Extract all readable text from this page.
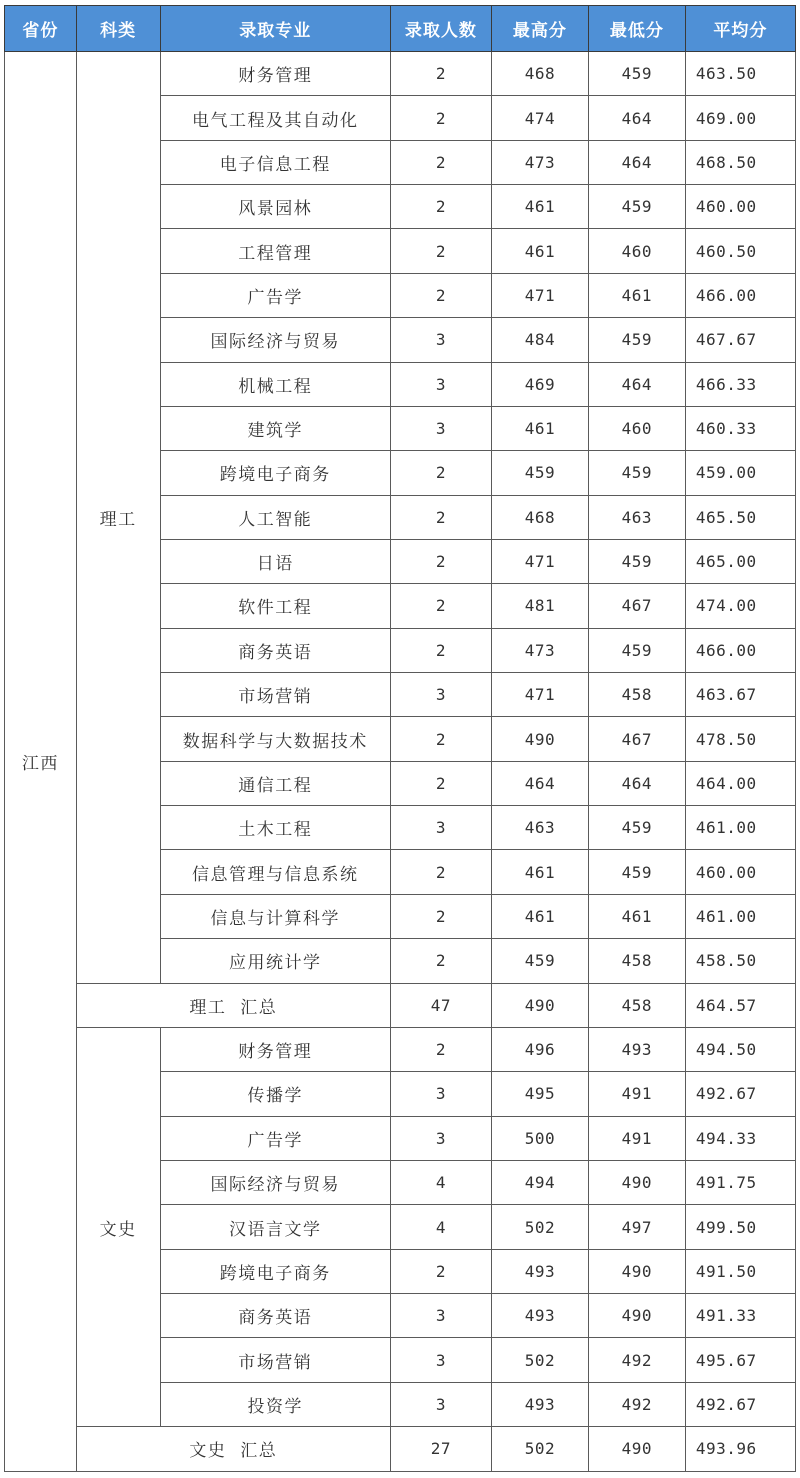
省份	科类	录取专业	录取人数	最高分	最低分	平均分
江西	理工	财务管理	2	468	459	463.50
		电气工程及其自动化	2	474	464	469.00
		电子信息工程	2	473	464	468.50
		风景园林	2	461	459	460.00
		工程管理	2	461	460	460.50
		广告学	2	471	461	466.00
		国际经济与贸易	3	484	459	467.67
		机械工程	3	469	464	466.33
		建筑学	3	461	460	460.33
		跨境电子商务	2	459	459	459.00
		人工智能	2	468	463	465.50
		日语	2	471	459	465.00
		软件工程	2	481	467	474.00
		商务英语	2	473	459	466.00
		市场营销	3	471	458	463.67
		数据科学与大数据技术	2	490	467	478.50
		通信工程	2	464	464	464.00
		土木工程	3	463	459	461.00
		信息管理与信息系统	2	461	459	460.00
		信息与计算科学	2	461	461	461.00
		应用统计学	2	459	458	458.50
	理工  汇总		47	490	458	464.57
	文史	财务管理	2	496	493	494.50
		传播学	3	495	491	492.67
		广告学	3	500	491	494.33
		国际经济与贸易	4	494	490	491.75
		汉语言文学	4	502	497	499.50
		跨境电子商务	2	493	490	491.50
		商务英语	3	493	490	491.33
		市场营销	3	502	492	495.67
		投资学	3	493	492	492.67
	文史  汇总		27	502	490	493.96
